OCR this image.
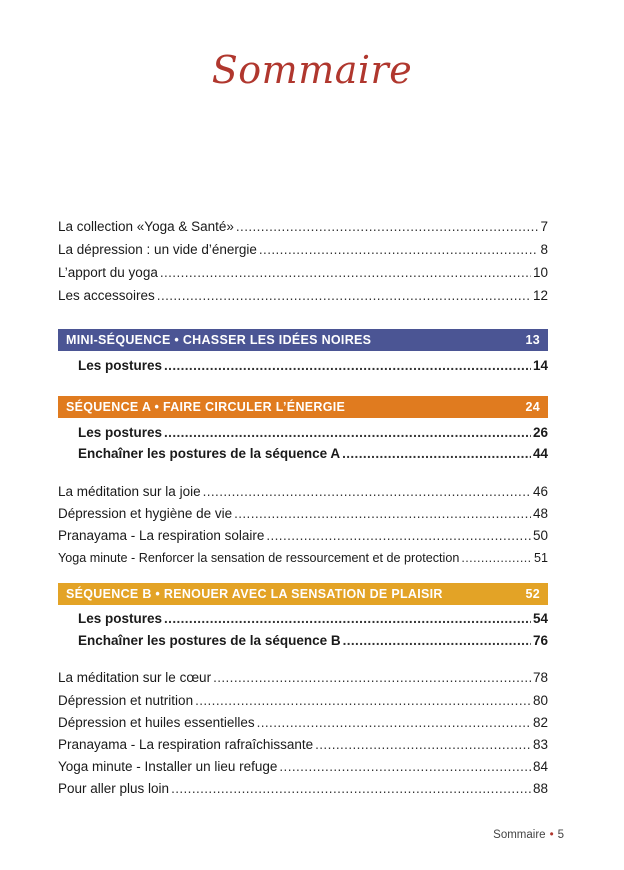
Sommaire
La collection «Yoga & Santé» .....	7
La dépression : un vide d’énergie .....	8
L’apport du yoga .....	10
Les accessoires .....	12
MINI-SÉQUENCE • CHASSER LES IDÉES NOIRES	13
Les postures .....	14
SÉQUENCE A • FAIRE CIRCULER L’ÉNERGIE	24
Les postures .....	26
Enchaîner les postures de la séquence A .....	44
La méditation sur la joie .....	46
Dépression et hygiène de vie .....	48
Pranayama - La respiration solaire .....	50
Yoga minute - Renforcer la sensation de ressourcement et de protection .....	51
SÉQUENCE B • RENOUER AVEC LA SENSATION DE PLAISIR	52
Les postures .....	54
Enchaîner les postures de la séquence B .....	76
La méditation sur le cœur .....	78
Dépression et nutrition .....	80
Dépression et huiles essentielles .....	82
Pranayama - La respiration rafraîchissante .....	83
Yoga minute - Installer un lieu refuge .....	84
Pour aller plus loin .....	88
Sommaire • 5
